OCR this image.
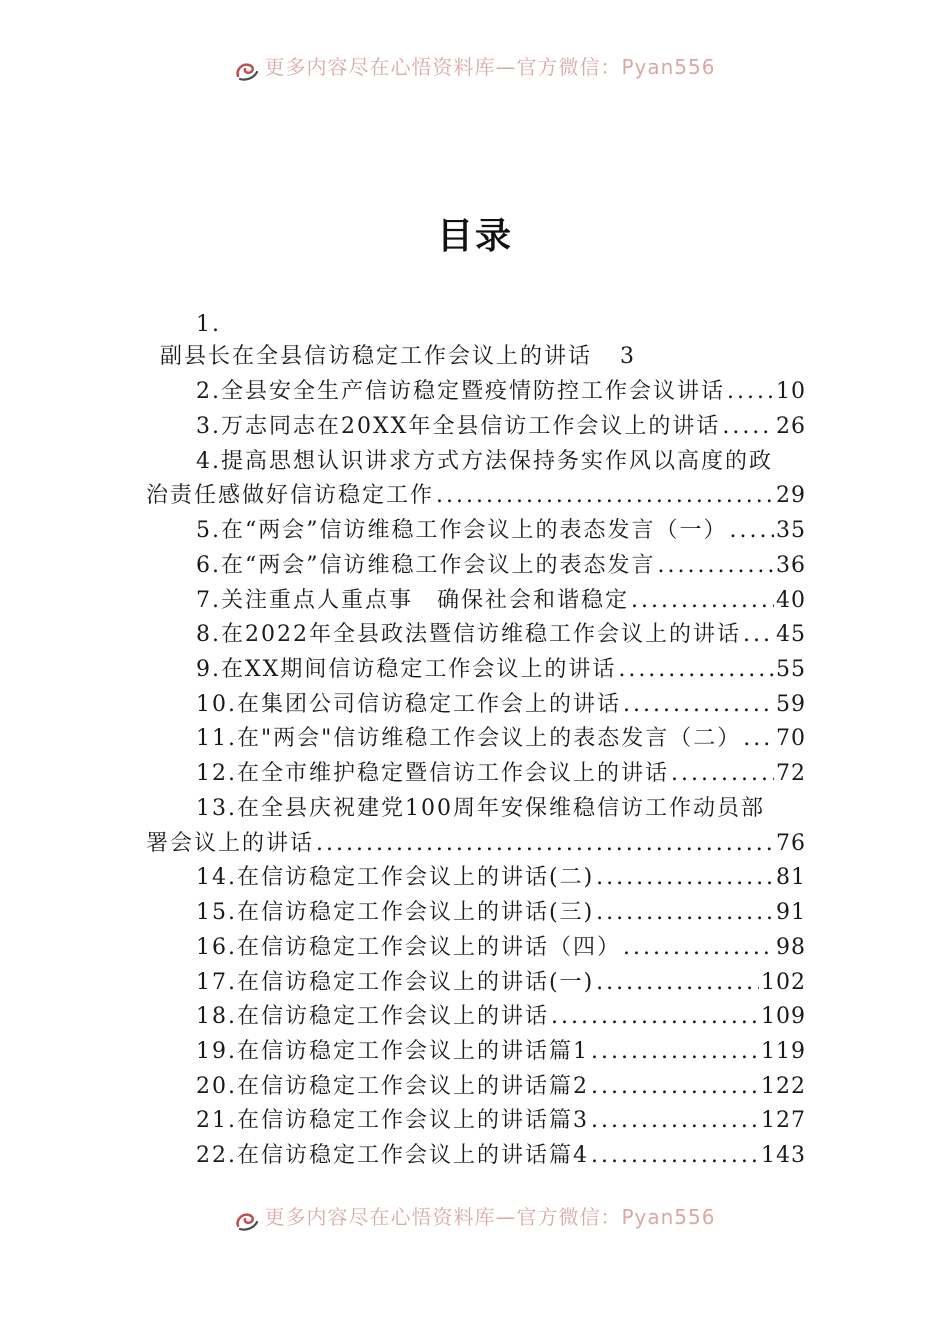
更多内容尽在心悟资料库—官方微信：Pyan556
目录
1.
副县长在全县信访稳定工作会议上的讲话 3
2. 全县安全生产信访稳定暨疫情防控工作会议讲话 ..... 10
3. 万志同志在20XX年全县信访工作会议上的讲话 .....	26
4. 提高思想认识讲求方式方法保持务实作风以高度的政
治责任感做好信访稳定工作 .....	29
5. 在“两会”信访维稳工作会议上的表态发言（一） ..... 35
6. 在“两会”信访维稳工作会议上的表态发言 .....	36
7. 关注重点人重点事　确保社会和谐稳定 .....	40
8. 在2022年全县政法暨信访维稳工作会议上的讲话 ..... 45
9. 在XX期间信访稳定工作会议上的讲话 .....	55
10. 在集团公司信访稳定工作会上的讲话 .....	59
11. 在"两会"信访维稳工作会议上的表态发言（二） ..... 70
12. 在全市维护稳定暨信访工作会议上的讲话 .....	72
13. 在全县庆祝建党100周年安保维稳信访工作动员部
署会议上的讲话 .....	76
14. 在信访稳定工作会议上的讲话(二) .....	81
15. 在信访稳定工作会议上的讲话(三) .....	91
16. 在信访稳定工作会议上的讲话（四） .....	98
17. 在信访稳定工作会议上的讲话(一) .....	102
18. 在信访稳定工作会议上的讲话 .....	109
19. 在信访稳定工作会议上的讲话篇1 .....	119
20. 在信访稳定工作会议上的讲话篇2 .....	122
21. 在信访稳定工作会议上的讲话篇3 .....	127
22. 在信访稳定工作会议上的讲话篇4 .....	143
更多内容尽在心悟资料库—官方微信：Pyan556
